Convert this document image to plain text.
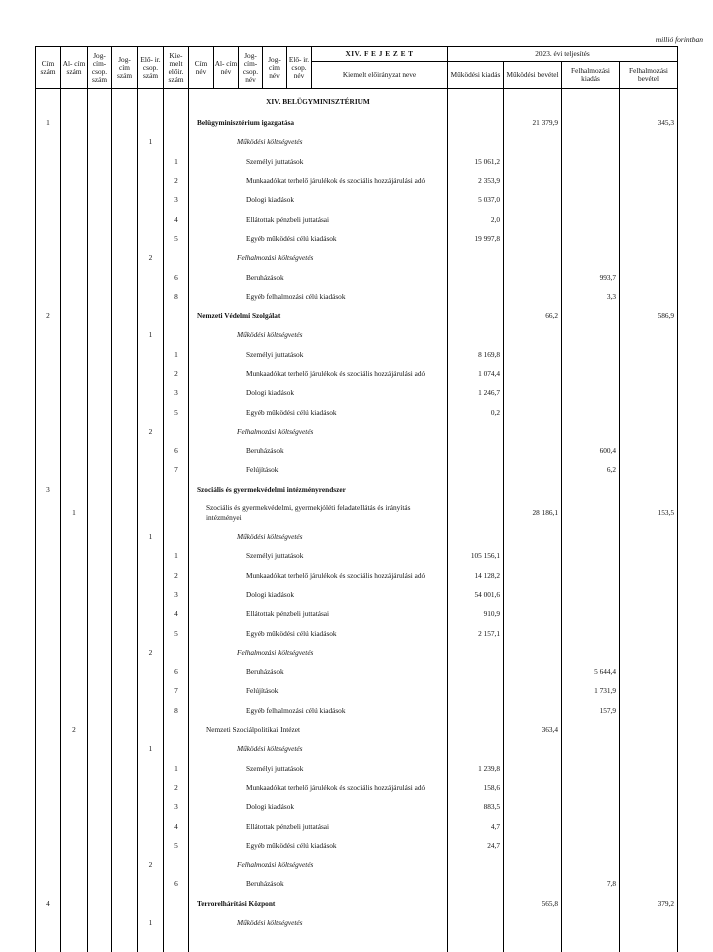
millió forintban
Cím szám	Al- cím szám	Jog- cím- csop. szám	Jog- cím szám	Elő- ir. csop. szám	Kie- melt előir. szám	Cím név	Al- cím név	Jog- cím- csop. név	Jog- cím név	Elő- ir. csop. név	XIV. F E J E Z E T	2023. évi teljesítés			
											Kiemelt előirányzat neve	Működési kiadás	Működési bevétel	Felhalmozási kiadás	Felhalmozási bevétel
						XIV. BELÜGYMINISZTÉRIUM									
1						Belügyminisztérium igazgatása							21 379,9		345,3
				1		Működési költségvetés									
					1	Személyi juttatások						15 061,2			
					2	Munkaadókat terhelő járulékok és szociális hozzájárulási adó						2 353,9			
					3	Dologi kiadások						5 037,0			
					4	Ellátottak pénzbeli juttatásai						2,0			
					5	Egyéb működési célú kiadások						19 997,8			
				2		Felhalmozási költségvetés									
					6	Beruházások								993,7	
					8	Egyéb felhalmozási célú kiadások								3,3	
2						Nemzeti Védelmi Szolgálat							66,2		586,9
				1		Működési költségvetés									
					1	Személyi juttatások						8 169,8			
					2	Munkaadókat terhelő járulékok és szociális hozzájárulási adó						1 074,4			
					3	Dologi kiadások						1 246,7			
					5	Egyéb működési célú kiadások						0,2			
				2		Felhalmozási költségvetés									
					6	Beruházások								600,4	
					7	Felújítások								6,2	
3						Szociális és gyermekvédelmi intézményrendszer									
	1					Szociális és gyermekvédelmi, gyermekjóléti feladatellátás és irányítás intézményei							28 186,1		153,5
				1		Működési költségvetés									
					1	Személyi juttatások						105 156,1			
					2	Munkaadókat terhelő járulékok és szociális hozzájárulási adó						14 128,2			
					3	Dologi kiadások						54 001,6			
					4	Ellátottak pénzbeli juttatásai						910,9			
					5	Egyéb működési célú kiadások						2 157,1			
				2		Felhalmozási költségvetés									
					6	Beruházások								5 644,4	
					7	Felújítások								1 731,9	
					8	Egyéb felhalmozási célú kiadások								157,9	
	2					Nemzeti Szociálpolitikai Intézet							363,4		
				1		Működési költségvetés									
					1	Személyi juttatások						1 239,8			
					2	Munkaadókat terhelő járulékok és szociális hozzájárulási adó						158,6			
					3	Dologi kiadások						883,5			
					4	Ellátottak pénzbeli juttatásai						4,7			
					5	Egyéb működési célú kiadások						24,7			
				2		Felhalmozási költségvetés									
					6	Beruházások								7,8	
4						Terrorelhárítási Központ							565,8		379,2
				1		Működési költségvetés									
